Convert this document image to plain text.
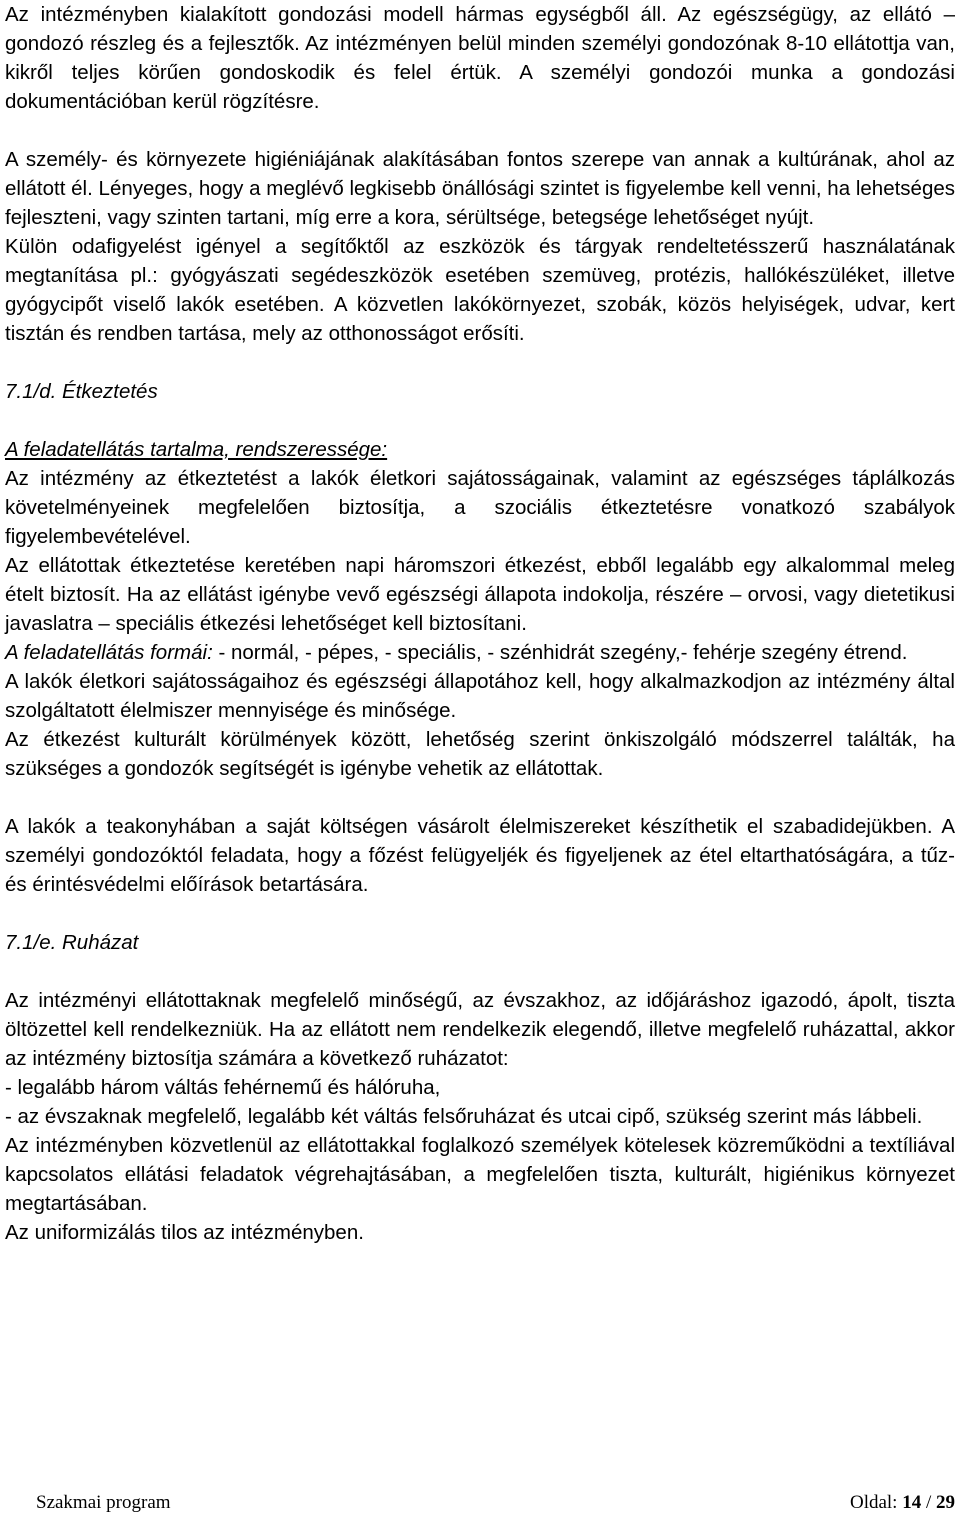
Az intézményben kialakított gondozási modell hármas egységből áll. Az egészségügy, az ellátó – gondozó részleg és a fejlesztők. Az intézményen belül minden személyi gondozónak 8-10 ellátottja van, kikről teljes körűen gondoskodik és felel értük. A személyi gondozói munka a gondozási dokumentációban kerül rögzítésre.

A személy- és környezete higiéniájának alakításában fontos szerepe van annak a kultúrának, ahol az ellátott él. Lényeges, hogy a meglévő legkisebb önállósági szintet is figyelembe kell venni, ha lehetséges fejleszteni, vagy szinten tartani, míg erre a kora, sérültsége, betegsége lehetőséget nyújt.

Külön odafigyelést igényel a segítőktől az eszközök és tárgyak rendeltetésszerű használatának megtanítása pl.: gyógyászati segédeszközök esetében szemüveg, protézis, hallókészüléket, illetve gyógycipőt viselő lakók esetében. A közvetlen lakókörnyezet, szobák, közös helyiségek, udvar, kert tisztán és rendben tartása, mely az otthonosságot erősíti.

7.1/d. Étkeztetés

A feladatellátás tartalma, rendszeressége:

Az intézmény az étkeztetést a lakók életkori sajátosságainak, valamint az egészséges táplálkozás követelményeinek megfelelően biztosítja, a szociális étkeztetésre vonatkozó szabályok figyelembevételével.

Az ellátottak étkeztetése keretében napi háromszori étkezést, ebből legalább egy alkalommal meleg ételt biztosít. Ha az ellátást igénybe vevő egészségi állapota indokolja, részére – orvosi, vagy dietetikusi javaslatra – speciális étkezési lehetőséget kell biztosítani.

A feladatellátás formái: - normál, - pépes, - speciális, - szénhidrát szegény,- fehérje szegény étrend.

A lakók életkori sajátosságaihoz és egészségi állapotához kell, hogy alkalmazkodjon az intézmény által szolgáltatott élelmiszer mennyisége és minősége.

Az étkezést kulturált körülmények között, lehetőség szerint önkiszolgáló módszerrel találták, ha szükséges a gondozók segítségét is igénybe vehetik az ellátottak.

A lakók a teakonyhában a saját költségen vásárolt élelmiszereket készíthetik el szabadidejükben. A személyi gondozóktól feladata, hogy a főzést felügyeljék és figyeljenek az étel eltarthatóságára, a tűz- és érintésvédelmi előírások betartására.

7.1/e. Ruházat

Az intézményi ellátottaknak megfelelő minőségű, az évszakhoz, az időjáráshoz igazodó, ápolt, tiszta öltözettel kell rendelkezniük. Ha az ellátott nem rendelkezik elegendő, illetve megfelelő ruházattal, akkor az intézmény biztosítja számára a következő ruházatot:

- legalább három váltás fehérnemű és hálóruha,

- az évszaknak megfelelő, legalább két váltás felsőruházat és utcai cipő, szükség szerint más lábbeli.

Az intézményben közvetlenül az ellátottakkal foglalkozó személyek kötelesek közreműködni a textíliával kapcsolatos ellátási feladatok végrehajtásában, a megfelelően tiszta, kulturált, higiénikus környezet megtartásában.

Az uniformizálás tilos az intézményben.

Szakmai program	Oldal: 14 / 29
